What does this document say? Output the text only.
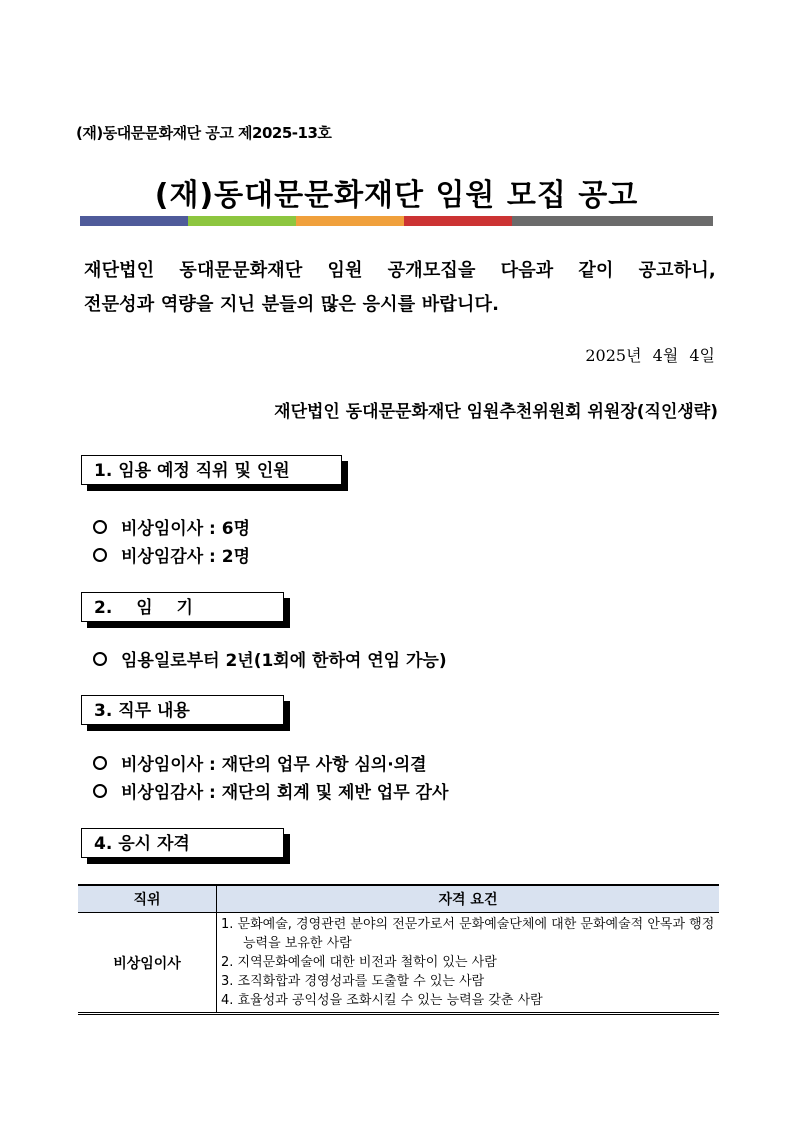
(재)동대문문화재단 공고 제2025-13호
(재)동대문문화재단 임원 모집 공고
재단법인 동대문문화재단 임원 공개모집을 다음과 같이 공고하니,
전문성과 역량을 지닌 분들의 많은 응시를 바랍니다.
2025년 4월 4일
재단법인 동대문문화재단 임원추천위원회 위원장(직인생략)
1. 임용 예정 직위 및 인원
비상임이사 : 6명
비상임감사 : 2명
2. 임 기
임용일로부터 2년(1회에 한하여 연임 가능)
3. 직무 내용
비상임이사 : 재단의 업무 사항 심의·의결
비상임감사 : 재단의 회계 및 제반 업무 감사
4. 응시 자격
직위	자격 요건
비상임이사	1. 문화예술, 경영관련 분야의 전문가로서 문화예술단체에 대한 문화예술적 안목과 행정 능력을 보유한 사람
2. 지역문화예술에 대한 비전과 철학이 있는 사람
3. 조직화합과 경영성과를 도출할 수 있는 사람
4. 효율성과 공익성을 조화시킬 수 있는 능력을 갖춘 사람
